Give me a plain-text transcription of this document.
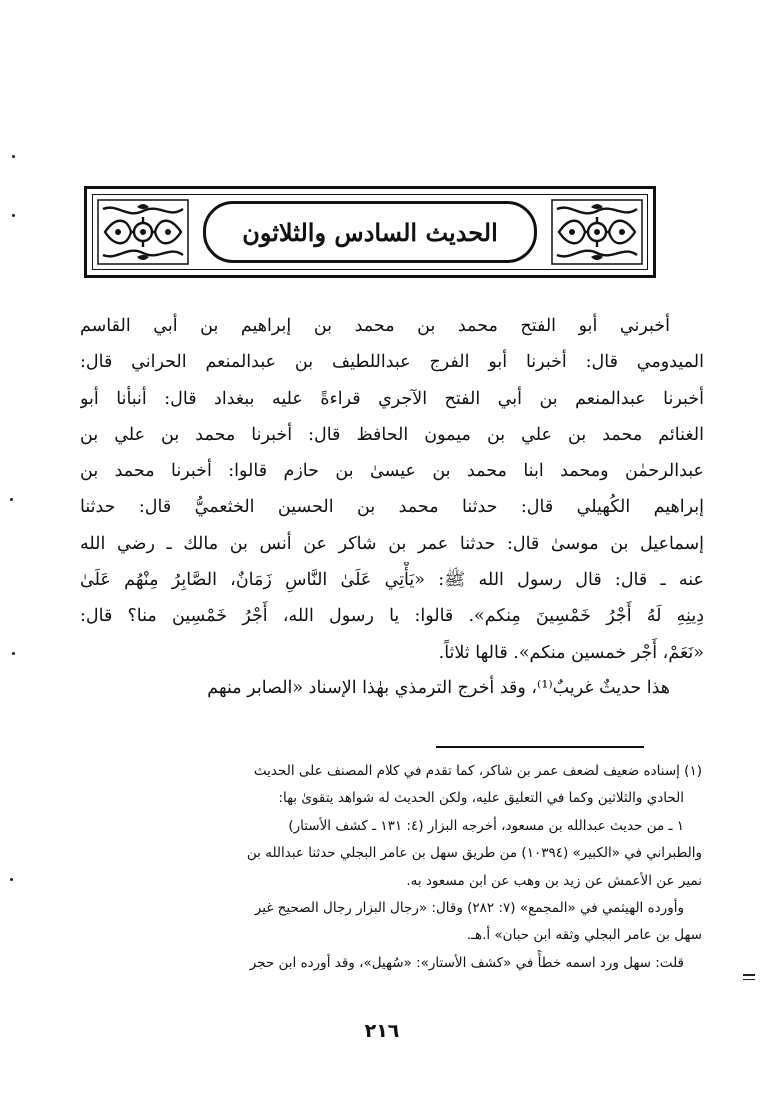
الحديث السادس والثلاثون
أخبرني أبو الفتح محمد بن محمد بن إبراهيم بن أبي القاسم
الميدومي قال: أخبرنا أبو الفرج عبداللطيف بن عبدالمنعم الحراني قال:
أخبرنا عبدالمنعم بن أبي الفتح الآجري قراءةً عليه ببغداد قال: أنبأنا أبو
الغنائم محمد بن علي بن ميمون الحافظ قال: أخبرنا محمد بن علي بن
عبدالرحمٰن ومحمد ابنا محمد بن عيسىٰ بن حازم قالوا: أخبرنا محمد بن
إبراهيم الكُهيلي قال: حدثنا محمد بن الحسين الخثعميُّ قال: حدثنا
إسماعيل بن موسىٰ قال: حدثنا عمر بن شاكر عن أنس بن مالك ـ رضي الله
عنه ـ قال: قال رسول الله ﷺ: «يَأْتِي عَلَىٰ النَّاسِ زَمَانٌ، الصَّابِرُ مِنْهُم عَلَىٰ
دِينِهِ لَهُ أَجْرُ خَمْسِينَ مِنكم». قالوا: يا رسول الله، أَجْرُ خَمْسِين منا؟ قال:
«نَعَمْ، أَجْر خمسين منكم». قالها ثلاثاً.
هذا حديثٌ غريبٌ⁽¹⁾، وقد أخرج الترمذي بهٰذا الإسناد «الصابر منهم
(١) إسناده ضعيف لضعف عمر بن شاكر، كما تقدم في كلام المصنف على الحديث
الحادي والثلاثين وكما في التعليق عليه، ولكن الحديث له شواهد يتقوىٰ بها:
١ ـ من حديث عبدالله بن مسعود، أخرجه البزار (٤: ١٣١ ـ كشف الأستار)
والطبراني في «الكبير» (١٠٣٩٤) من طريق سهل بن عامر البجلي حدثنا عبدالله بن
نمير عن الأعمش عن زيد بن وهب عن ابن مسعود به.
وأورده الهيثمي في «المجمع» (٧: ٢٨٢) وقال: «رجال البزار رجال الصحيح غير
سهل بن عامر البجلي وثقه ابن حبان» أ.هـ.
قلت: سهل ورد اسمه خطأً في «كشف الأستار»: «سُهيل»، وقد أورده ابن حجر
٢١٦
